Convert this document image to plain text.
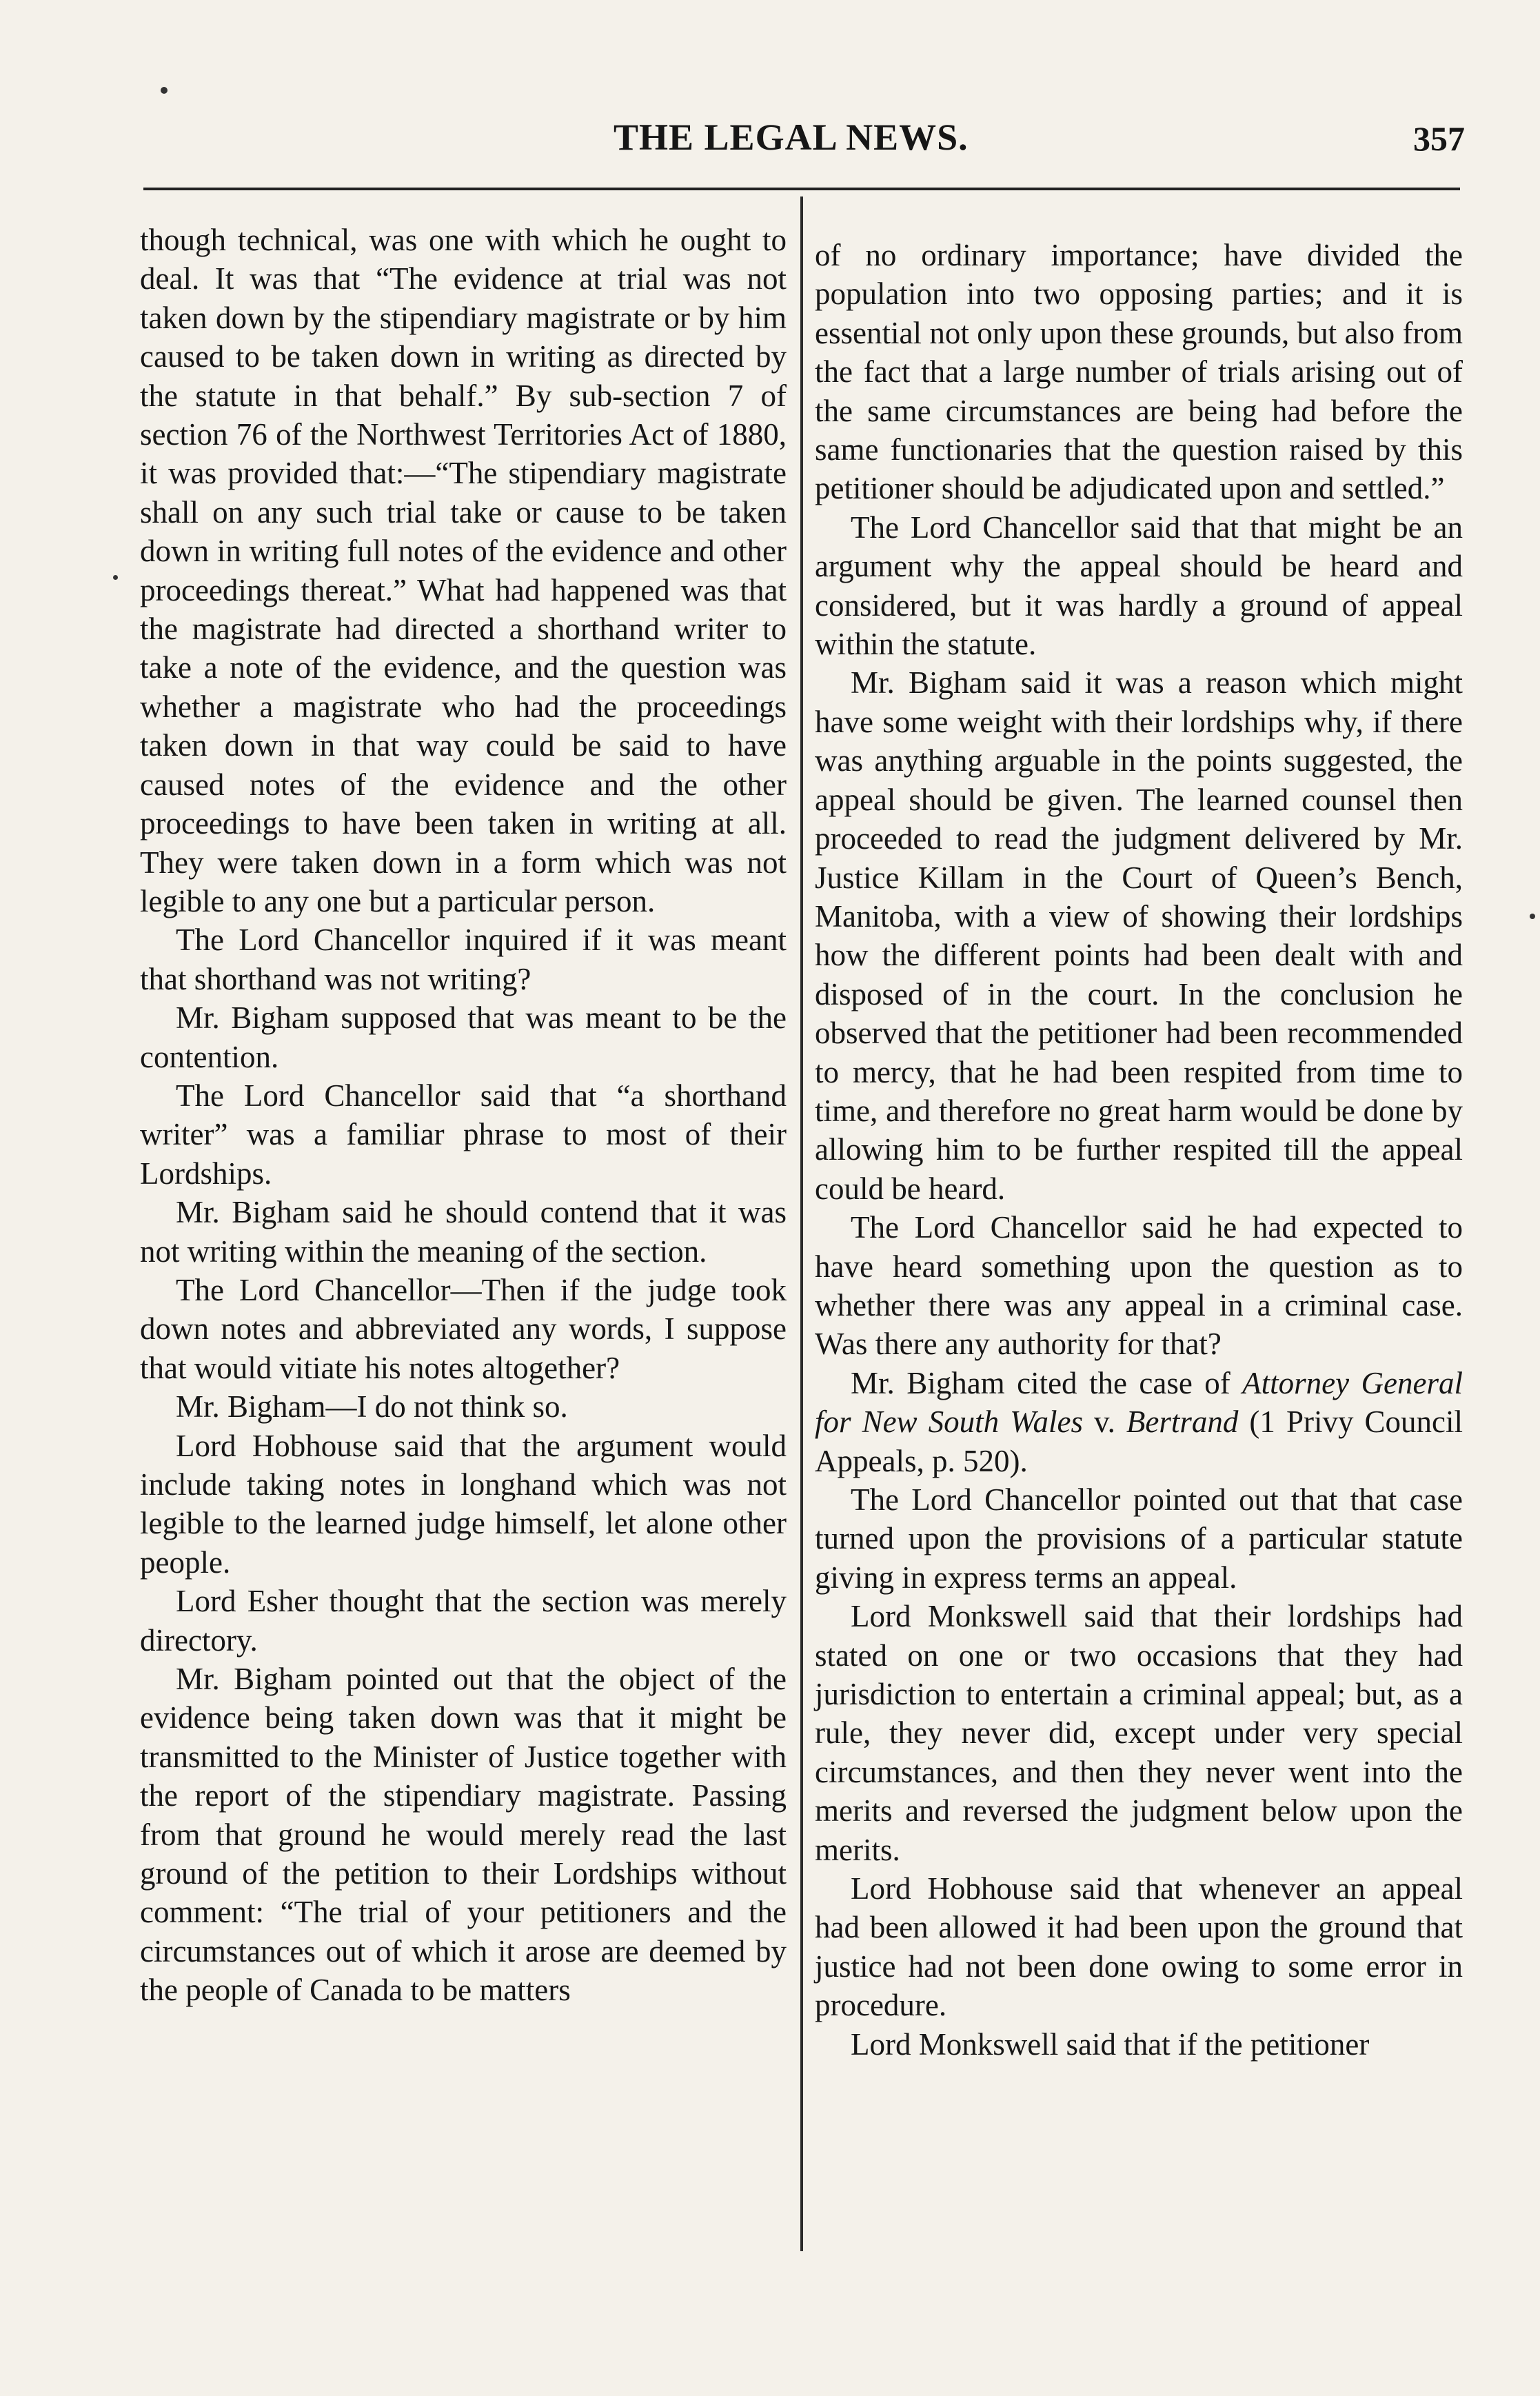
THE LEGAL NEWS.	357

though technical, was one with which he ought to deal. It was that “The evidence at trial was not taken down by the stipendiary magistrate or by him caused to be taken down in writing as directed by the statute in that behalf.” By sub-section 7 of section 76 of the Northwest Territories Act of 1880, it was provided that:—“The stipendiary magistrate shall on any such trial take or cause to be taken down in writing full notes of the evidence and other proceedings thereat.” What had happened was that the magistrate had directed a shorthand writer to take a note of the evidence, and the question was whether a magistrate who had the proceedings taken down in that way could be said to have caused notes of the evidence and the other proceedings to have been taken in writing at all. They were taken down in a form which was not legible to any one but a particular person.

The Lord Chancellor inquired if it was meant that shorthand was not writing?

Mr. Bigham supposed that was meant to be the contention.

The Lord Chancellor said that “a shorthand writer” was a familiar phrase to most of their Lordships.

Mr. Bigham said he should contend that it was not writing within the meaning of the section.

The Lord Chancellor—Then if the judge took down notes and abbreviated any words, I suppose that would vitiate his notes altogether?

Mr. Bigham—I do not think so.

Lord Hobhouse said that the argument would include taking notes in longhand which was not legible to the learned judge himself, let alone other people.

Lord Esher thought that the section was merely directory.

Mr. Bigham pointed out that the object of the evidence being taken down was that it might be transmitted to the Minister of Justice together with the report of the stipendiary magistrate. Passing from that ground he would merely read the last ground of the petition to their Lordships without comment: “The trial of your petitioners and the circumstances out of which it arose are deemed by the people of Canada to be matters

of no ordinary importance; have divided the population into two opposing parties; and it is essential not only upon these grounds, but also from the fact that a large number of trials arising out of the same circumstances are being had before the same functionaries that the question raised by this petitioner should be adjudicated upon and settled.”

The Lord Chancellor said that that might be an argument why the appeal should be heard and considered, but it was hardly a ground of appeal within the statute.

Mr. Bigham said it was a reason which might have some weight with their lordships why, if there was anything arguable in the points suggested, the appeal should be given. The learned counsel then proceeded to read the judgment delivered by Mr. Justice Killam in the Court of Queen’s Bench, Manitoba, with a view of showing their lordships how the different points had been dealt with and disposed of in the court. In the conclusion he observed that the petitioner had been recommended to mercy, that he had been respited from time to time, and therefore no great harm would be done by allowing him to be further respited till the appeal could be heard.

The Lord Chancellor said he had expected to have heard something upon the question as to whether there was any appeal in a criminal case. Was there any authority for that?

Mr. Bigham cited the case of Attorney General for New South Wales v. Bertrand (1 Privy Council Appeals, p. 520).

The Lord Chancellor pointed out that that case turned upon the provisions of a particular statute giving in express terms an appeal.

Lord Monkswell said that their lordships had stated on one or two occasions that they had jurisdiction to entertain a criminal appeal; but, as a rule, they never did, except under very special circumstances, and then they never went into the merits and reversed the judgment below upon the merits.

Lord Hobhouse said that whenever an appeal had been allowed it had been upon the ground that justice had not been done owing to some error in procedure.

Lord Monkswell said that if the petitioner
